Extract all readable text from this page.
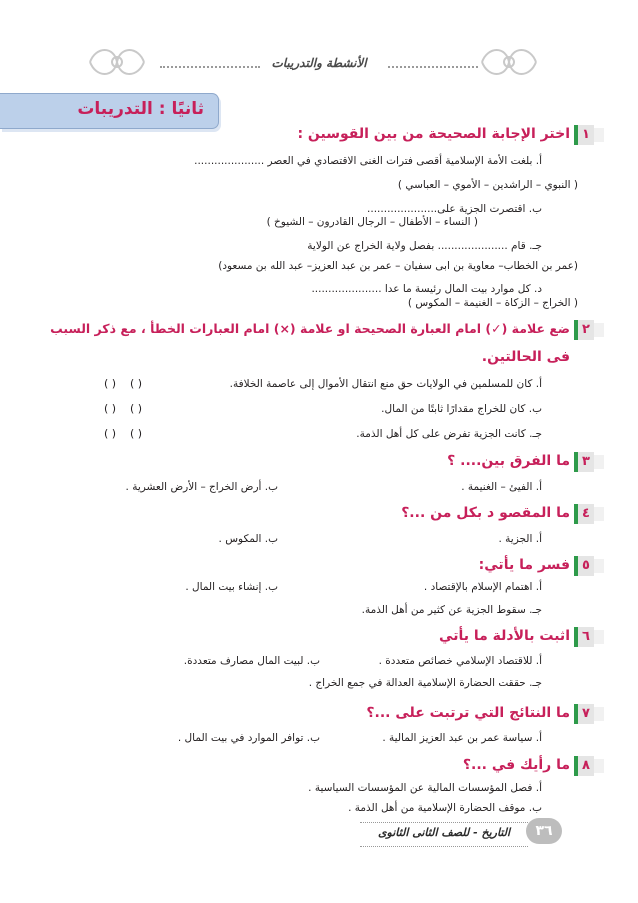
الأنشطة والتدريبات
ثانيًا : التدريبات
١
اختر الإجابة الصحيحة من بين القوسين :
أ. بلغت الأمة الإسلامية أقصى فترات الغنى الاقتصادي في العصر .....................
( النبوي – الراشدين – الأموي – العباسي )
ب. اقتصرت الجزية على.....................
( النساء – الأطفال – الرجال القادرون – الشيوخ )
جـ. قام ..................... بفصل ولاية الخراج عن الولاية
(عمر بن الخطاب– معاوية بن ابى سفيان – عمر بن عبد العزيز– عبد الله بن مسعود)
د. كل موارد بيت المال رئيسة ما عدا .....................
( الخراج – الزكاة – الغنيمة – المكوس )
٢
ضع علامة (✓) امام العبارة الصحيحة او علامة (×) امام العبارات الخطأ ، مع ذكر السبب
فى الحالتين.
أ. كان للمسلمين في الولايات حق منع انتقال الأموال إلى عاصمة الخلافة.
( ) ( )
ب. كان للخراج مقدارًا ثابتًا من المال.
( ) ( )
جـ. كانت الجزية تفرض على كل أهل الذمة.
( ) ( )
٣
ما الفرق بين.... ؟
أ. الفيئ – الغنيمة .
ب. أرض الخراج – الأرض العشرية .
٤
ما المقصو د بكل من ...؟
أ. الجزية .
ب. المكوس .
٥
فسر ما يأتي:
أ. اهتمام الإسلام بالإقتصاد .
ب. إنشاء بيت المال .
جـ. سقوط الجزية عن كثير من أهل الذمة.
٦
اثبت بالأدلة ما يأتي
أ. للاقتصاد الإسلامي خصائص متعددة .
ب. لبيت المال مصارف متعددة.
جـ. حققت الحضارة الإسلامية العدالة في جمع الخراج .
٧
ما النتائج التي ترتبت على ...؟
أ. سياسة عمر بن عبد العزيز المالية .
ب. توافر الموارد في بيت المال .
٨
ما رأيك في ...؟
أ. فصل المؤسسات المالية عن المؤسسات السياسية .
ب. موقف الحضارة الإسلامية من أهل الذمة .
التاريخ - للصف الثانى الثانوى	٣٦
